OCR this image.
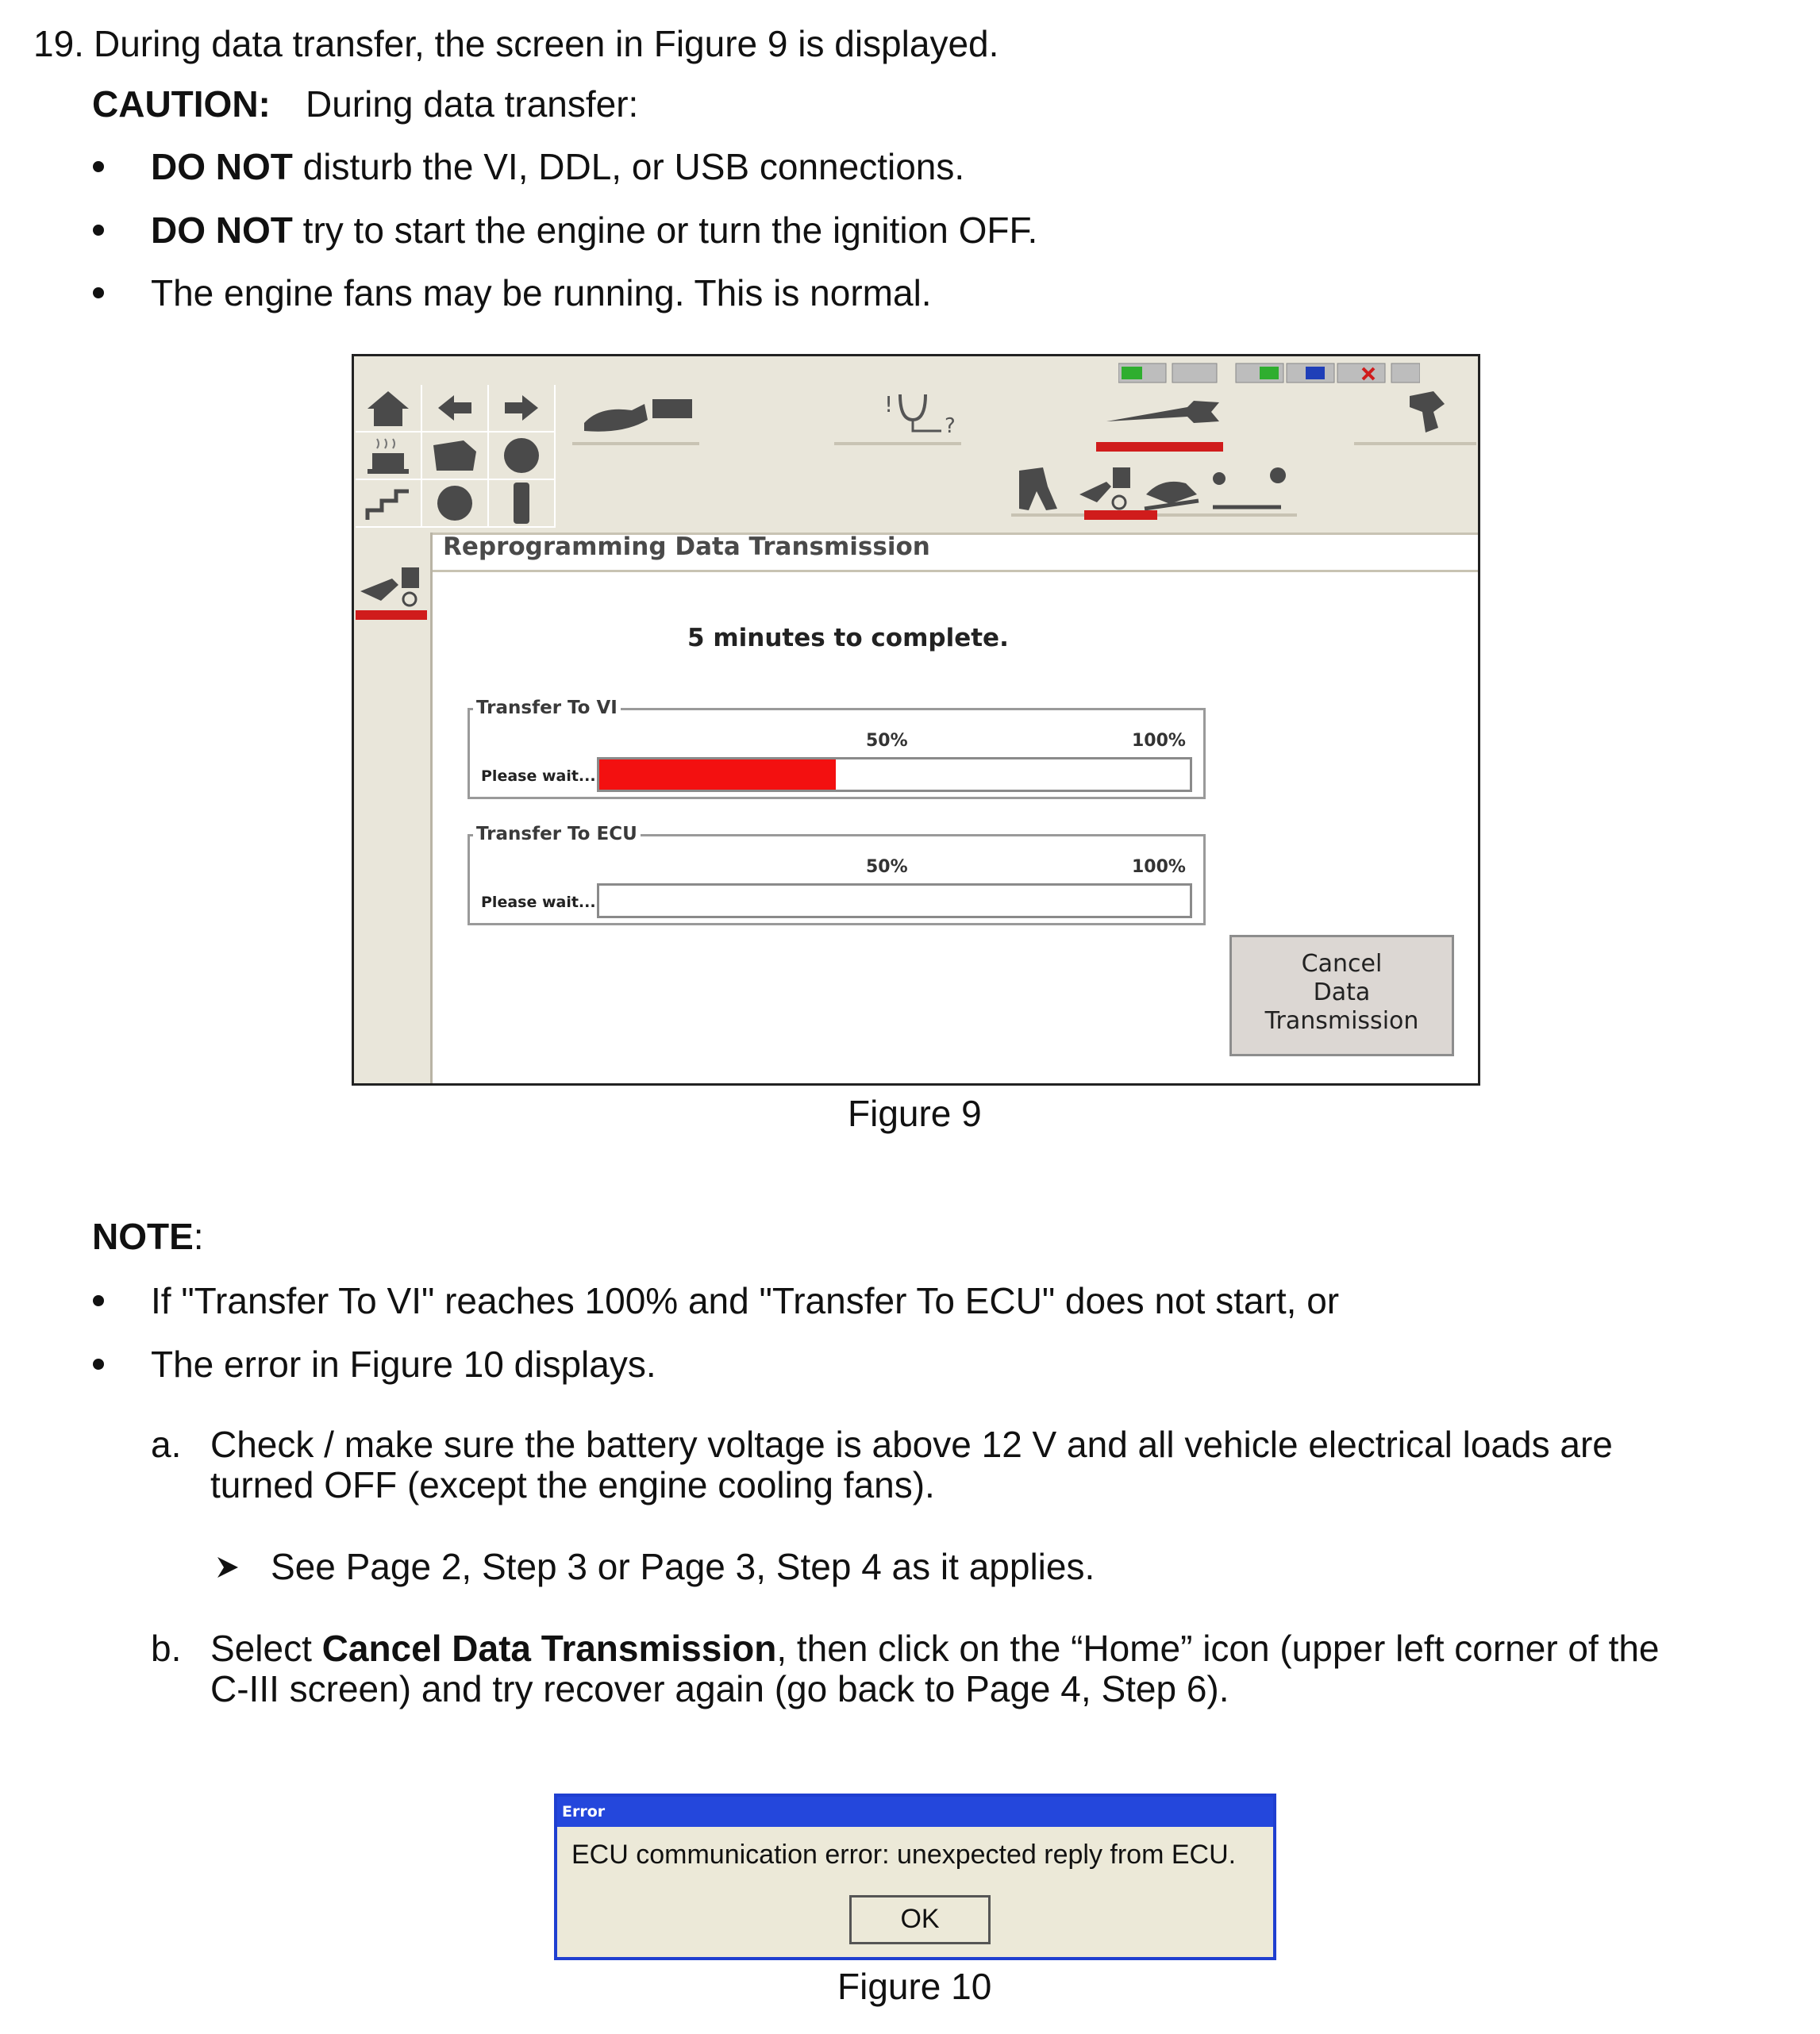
19. During data transfer, the screen in Figure 9 is displayed.
CAUTION: During data transfer:
DO NOT disturb the VI, DDL, or USB connections.
DO NOT try to start the engine or turn the ignition OFF.
The engine fans may be running. This is normal.
!
?
Reprogramming Data Transmission
5 minutes to complete.
Transfer To VI
50%	100%
Please wait...
Transfer To ECU
50%	100%
Please wait...
Cancel
Data
Transmission
Figure 9
NOTE:
If "Transfer To VI" reaches 100% and "Transfer To ECU" does not start, or
The error in Figure 10 displays.
a. Check / make sure the battery voltage is above 12 V and all vehicle electrical loads are
turned OFF (except the engine cooling fans).
See Page 2, Step 3 or Page 3, Step 4 as it applies.
b. Select Cancel Data Transmission, then click on the “Home” icon (upper left corner of the
C-III screen) and try recover again (go back to Page 4, Step 6).
Error
ECU communication error: unexpected reply from ECU.
OK
Figure 10
